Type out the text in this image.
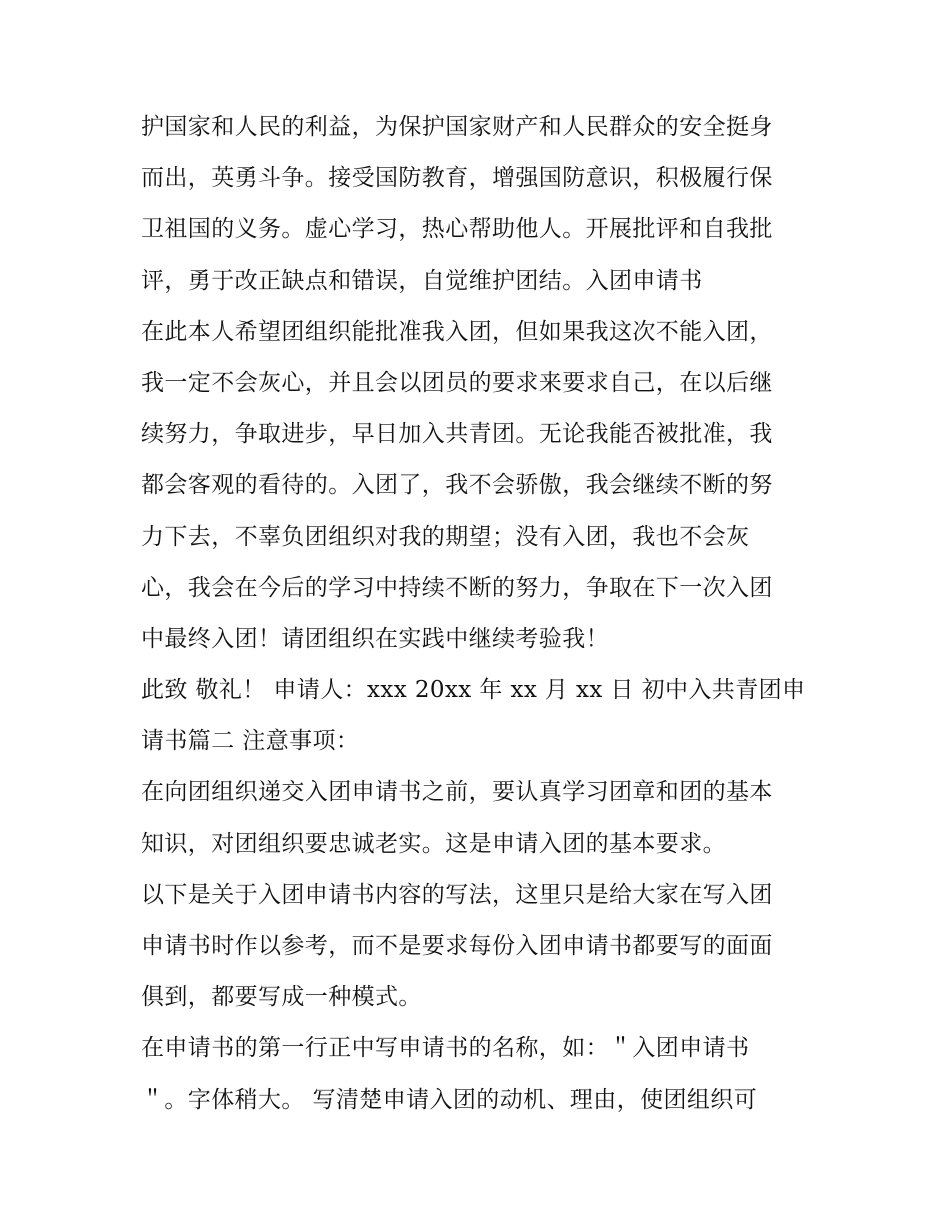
护国家和人民的利益，为保护国家财产和人民群众的安全挺身
而出，英勇斗争。接受国防教育，增强国防意识，积极履行保
卫祖国的义务。虚心学习，热心帮助他人。开展批评和自我批
评，勇于改正缺点和错误，自觉维护团结。入团申请书
在此本人希望团组织能批准我入团，但如果我这次不能入团，
我一定不会灰心，并且会以团员的要求来要求自己，在以后继
续努力，争取进步，早日加入共青团。无论我能否被批准，我
都会客观的看待的。入团了，我不会骄傲，我会继续不断的努
力下去，不辜负团组织对我的期望；没有入团，我也不会灰
心，我会在今后的学习中持续不断的努力，争取在下一次入团
中最终入团！请团组织在实践中继续考验我！
此致 敬礼！ 申请人：xxx 20xx 年 xx 月 xx 日 初中入共青团申
请书篇二 注意事项：
在向团组织递交入团申请书之前，要认真学习团章和团的基本
知识，对团组织要忠诚老实。这是申请入团的基本要求。
以下是关于入团申请书内容的写法，这里只是给大家在写入团
申请书时作以参考，而不是要求每份入团申请书都要写的面面
俱到，都要写成一种模式。
在申请书的第一行正中写申请书的名称，如：＂入团申请书
＂。字体稍大。 写清楚申请入团的动机、理由，使团组织可
